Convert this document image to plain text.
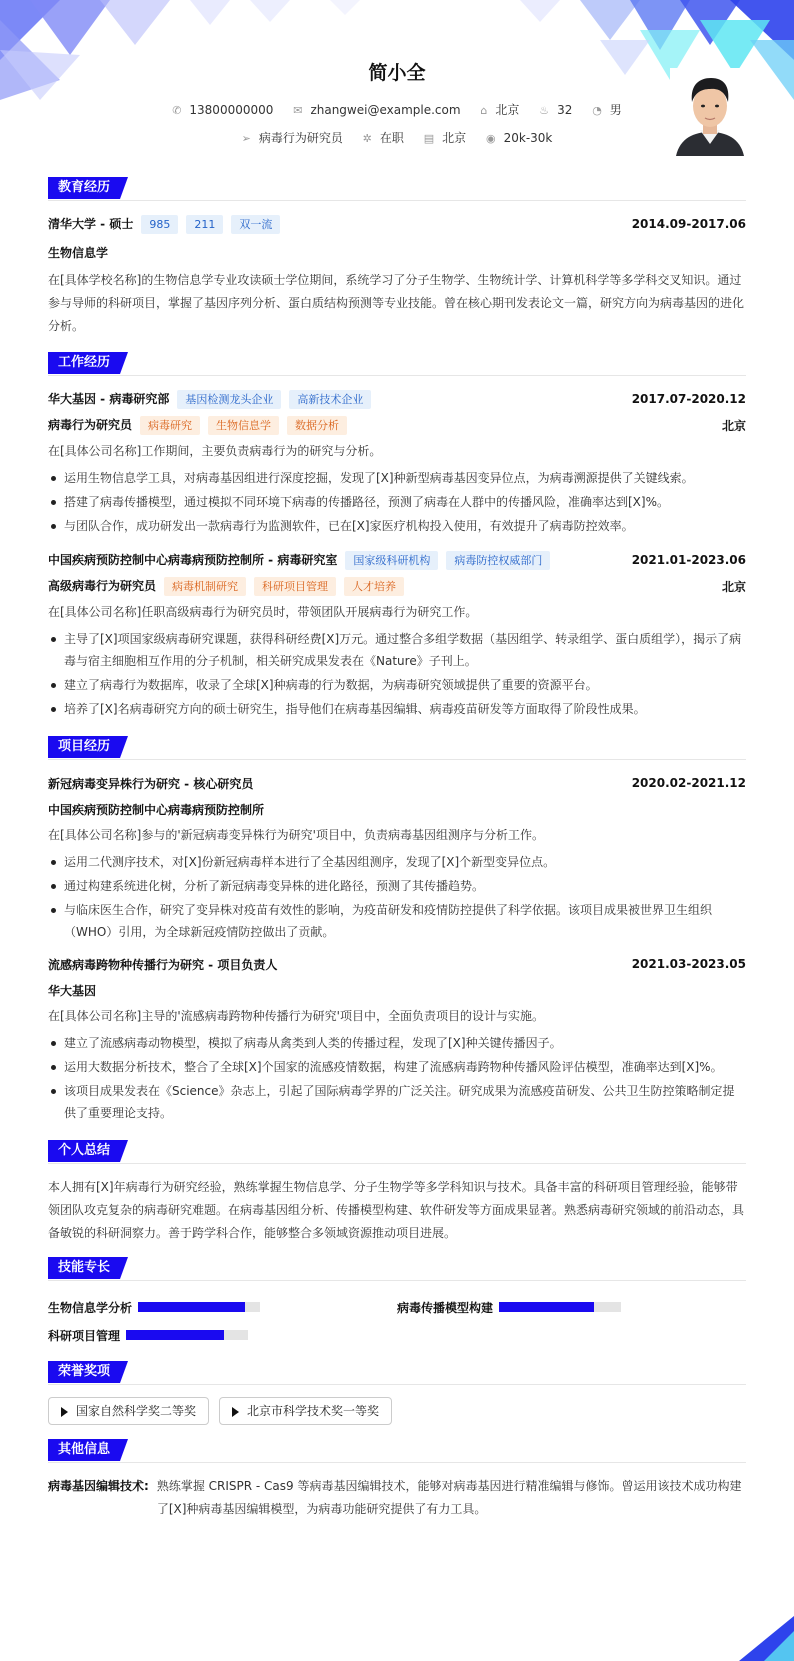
简小全
✆ 13800000000 ✉ zhangwei@example.com ⌂ 北京 ♨ 32 ◔ 男
➢ 病毒行为研究员 ✲ 在职 ▤ 北京 ◉ 20k-30k
教育经历
清华大学 - 硕士 985 211 双一流	2014.09-2017.06
生物信息学
在[具体学校名称]的生物信息学专业攻读硕士学位期间，系统学习了分子生物学、生物统计学、计算机科学等多学科交叉知识。通过参与导师的科研项目，掌握了基因序列分析、蛋白质结构预测等专业技能。曾在核心期刊发表论文一篇，研究方向为病毒基因的进化分析。
工作经历
华大基因 - 病毒研究部 基因检测龙头企业 高新技术企业	2017.07-2020.12
病毒行为研究员 病毒研究 生物信息学 数据分析	北京
在[具体公司名称]工作期间，主要负责病毒行为的研究与分析。
运用生物信息学工具，对病毒基因组进行深度挖掘，发现了[X]种新型病毒基因变异位点，为病毒溯源提供了关键线索。
搭建了病毒传播模型，通过模拟不同环境下病毒的传播路径，预测了病毒在人群中的传播风险，准确率达到[X]%。
与团队合作，成功研发出一款病毒行为监测软件，已在[X]家医疗机构投入使用，有效提升了病毒防控效率。
中国疾病预防控制中心病毒病预防控制所 - 病毒研究室 国家级科研机构 病毒防控权威部门	2021.01-2023.06
高级病毒行为研究员 病毒机制研究 科研项目管理 人才培养	北京
在[具体公司名称]任职高级病毒行为研究员时，带领团队开展病毒行为研究工作。
主导了[X]项国家级病毒研究课题，获得科研经费[X]万元。通过整合多组学数据（基因组学、转录组学、蛋白质组学），揭示了病毒与宿主细胞相互作用的分子机制，相关研究成果发表在《Nature》子刊上。
建立了病毒行为数据库，收录了全球[X]种病毒的行为数据，为病毒研究领域提供了重要的资源平台。
培养了[X]名病毒研究方向的硕士研究生，指导他们在病毒基因编辑、病毒疫苗研发等方面取得了阶段性成果。
项目经历
新冠病毒变异株行为研究 - 核心研究员	2020.02-2021.12
中国疾病预防控制中心病毒病预防控制所
在[具体公司名称]参与的'新冠病毒变异株行为研究'项目中，负责病毒基因组测序与分析工作。
运用二代测序技术，对[X]份新冠病毒样本进行了全基因组测序，发现了[X]个新型变异位点。
通过构建系统进化树，分析了新冠病毒变异株的进化路径，预测了其传播趋势。
与临床医生合作，研究了变异株对疫苗有效性的影响，为疫苗研发和疫情防控提供了科学依据。该项目成果被世界卫生组织（WHO）引用，为全球新冠疫情防控做出了贡献。
流感病毒跨物种传播行为研究 - 项目负责人	2021.03-2023.05
华大基因
在[具体公司名称]主导的'流感病毒跨物种传播行为研究'项目中，全面负责项目的设计与实施。
建立了流感病毒动物模型，模拟了病毒从禽类到人类的传播过程，发现了[X]种关键传播因子。
运用大数据分析技术，整合了全球[X]个国家的流感疫情数据，构建了流感病毒跨物种传播风险评估模型，准确率达到[X]%。
该项目成果发表在《Science》杂志上，引起了国际病毒学界的广泛关注。研究成果为流感疫苗研发、公共卫生防控策略制定提供了重要理论支持。
个人总结
本人拥有[X]年病毒行为研究经验，熟练掌握生物信息学、分子生物学等多学科知识与技术。具备丰富的科研项目管理经验，能够带领团队攻克复杂的病毒研究难题。在病毒基因组分析、传播模型构建、软件研发等方面成果显著。熟悉病毒研究领域的前沿动态，具备敏锐的科研洞察力。善于跨学科合作，能够整合多领域资源推动项目进展。
技能专长
生物信息学分析	病毒传播模型构建
科研项目管理
荣誉奖项
国家自然科学奖二等奖	北京市科学技术奖一等奖
其他信息
病毒基因编辑技术: 熟练掌握 CRISPR - Cas9 等病毒基因编辑技术，能够对病毒基因进行精准编辑与修饰。曾运用该技术成功构建了[X]种病毒基因编辑模型，为病毒功能研究提供了有力工具。
